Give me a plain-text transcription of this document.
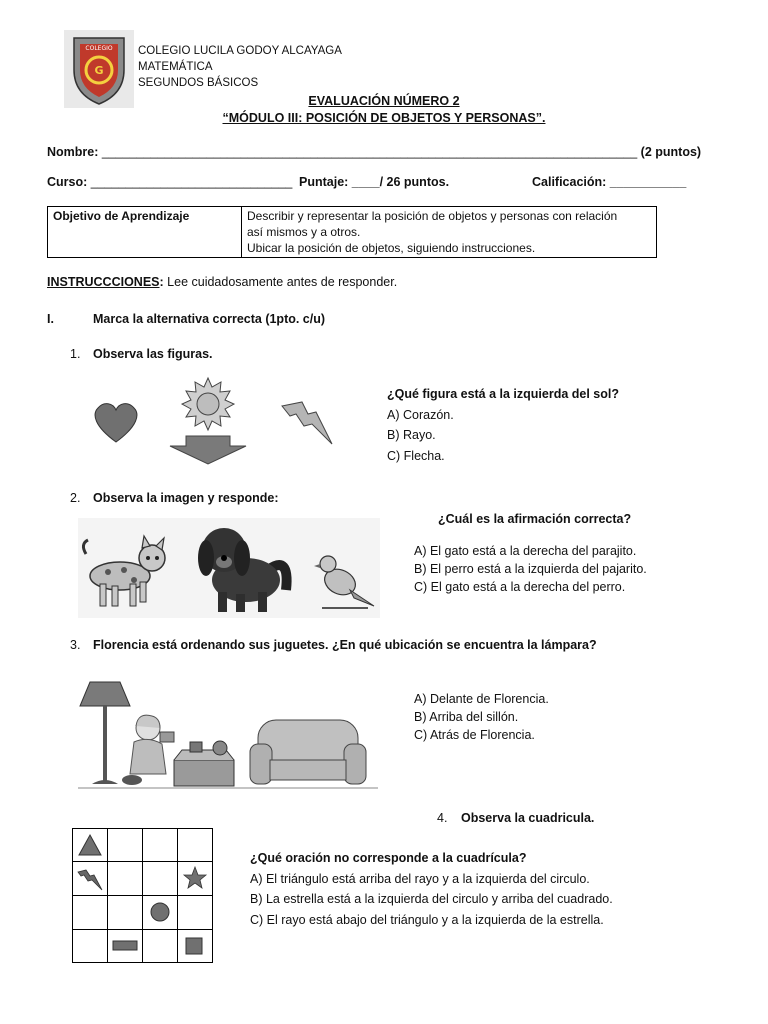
G
COLEGIO COLEGIO LUCILA GODOY ALCAYAGA
MATEMÁTICA
SEGUNDOS BÁSICOS
EVALUACIÓN NÚMERO 2
“MÓDULO III: POSICIÓN DE OBJETOS Y PERSONAS”.
Nombre: _____________________________________________________________________________ (2 puntos)
Curso: _____________________________ Puntaje: ____/ 26 puntos.	Calificación: ___________
Objetivo de Aprendizaje	Describir y representar la posición de objetos y personas con relación
así mismos y a otros.
Ubicar la posición de objetos, siguiendo instrucciones.
INSTRUCCCIONES: Lee cuidadosamente antes de responder.
I.	Marca la alternativa correcta (1pto. c/u)
1. Observa las figuras.
¿Qué figura está a la izquierda del sol?
A) Corazón.
B) Rayo.
C) Flecha.
2. Observa la imagen y responde:
¿Cuál es la afirmación correcta?
A) El gato está a la derecha del parajito.
B) El perro está a la izquierda del pajarito.
C) El gato está a la derecha del perro.
3. Florencia está ordenando sus juguetes. ¿En qué ubicación se encuentra la lámpara?
A) Delante de Florencia.
B) Arriba del sillón.
C) Atrás de Florencia.
4. Observa la cuadricula.
¿Qué oración no corresponde a la cuadrícula?
A) El triángulo está arriba del rayo y a la izquierda del circulo.
B) La estrella está a la izquierda del circulo y arriba del cuadrado.
C) El rayo está abajo del triángulo y a la izquierda de la estrella.
